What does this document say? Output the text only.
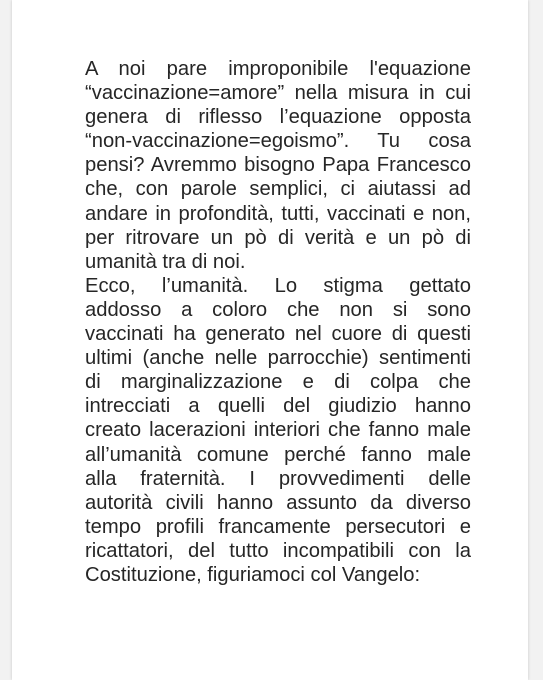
A noi pare improponibile l'equazione
“vaccinazione=amore” nella misura in cui
genera di riflesso l’equazione opposta
“non-vaccinazione=egoismo”. Tu cosa
pensi? Avremmo bisogno Papa Francesco
che, con parole semplici, ci aiutassi ad
andare in profondità, tutti, vaccinati e non,
per ritrovare un pò di verità e un pò di
umanità tra di noi.
Ecco, l’umanità. Lo stigma gettato
addosso a coloro che non si sono
vaccinati ha generato nel cuore di questi
ultimi (anche nelle parrocchie) sentimenti
di marginalizzazione e di colpa che
intrecciati a quelli del giudizio hanno
creato lacerazioni interiori che fanno male
all’umanità comune perché fanno male
alla fraternità. I provvedimenti delle
autorità civili hanno assunto da diverso
tempo profili francamente persecutori e
ricattatori, del tutto incompatibili con la
Costituzione, figuriamoci col Vangelo:
